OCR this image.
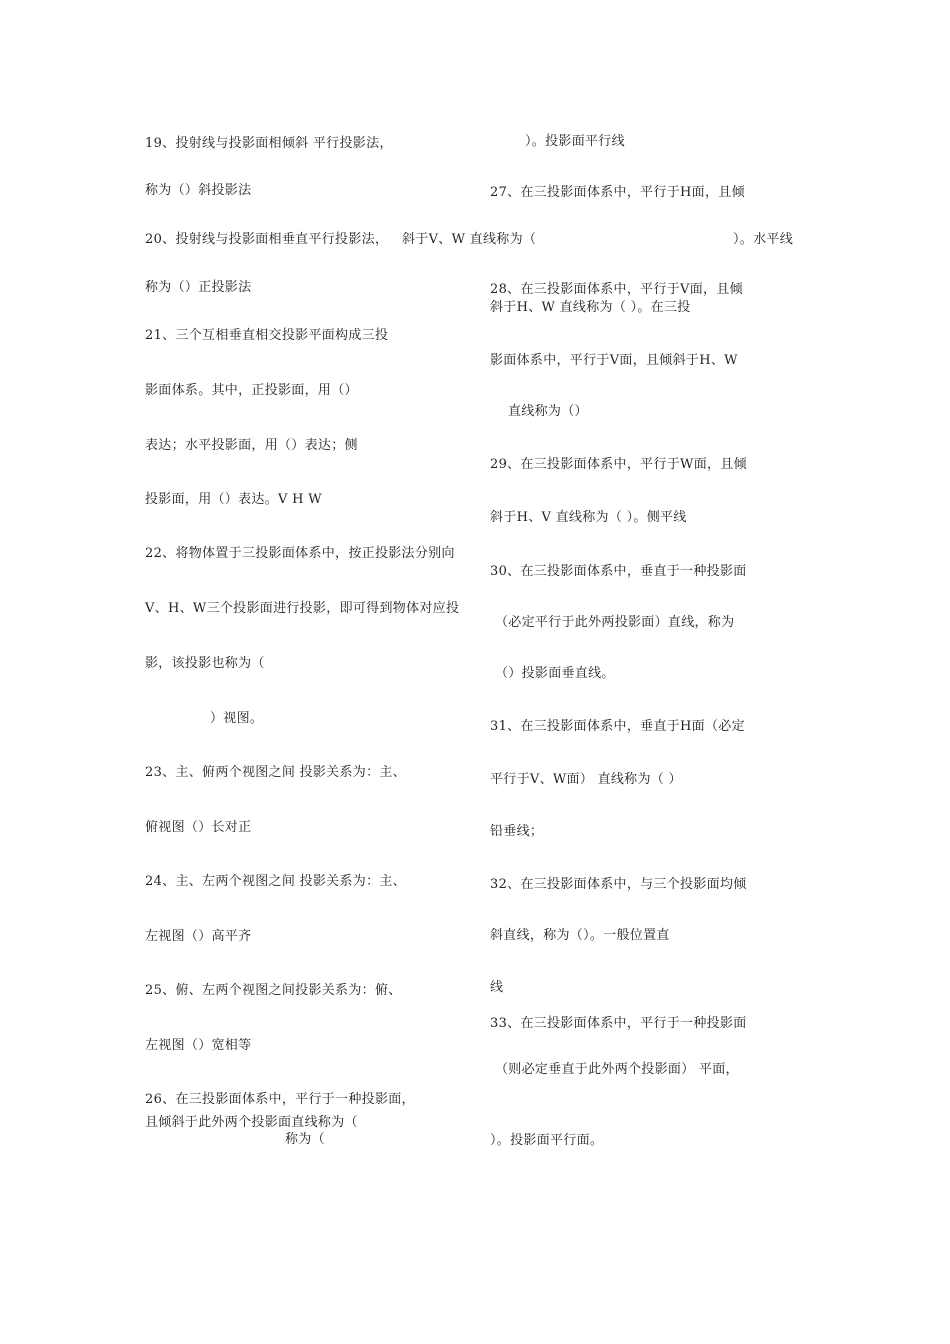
19、投射线与投影面相倾斜 平行投影法，
称为（）斜投影法
20、投射线与投影面相垂直平行投影法，
称为（）正投影法
21、三个互相垂直相交投影平面构成三投
影面体系。其中，正投影面，用（）
表达；水平投影面，用（）表达；侧
投影面，用（）表达。V H W
22、将物体置于三投影面体系中，按正投影法分别向
V、H、W三个投影面进行投影，即可得到物体对应投
影，该投影也称为（
）视图。
23、主、俯两个视图之间 投影关系为：主、
俯视图（）长对正
24、主、左两个视图之间 投影关系为：主、
左视图（）高平齐
25、俯、左两个视图之间投影关系为：俯、
左视图（）宽相等
26、在三投影面体系中，平行于一种投影面，
且倾斜于此外两个投影面直线称为（
称为（
）。投影面平行线
27、在三投影面体系中，平行于H面，且倾
斜于V、W 直线称为（	）。水平线
28、在三投影面体系中，平行于V面，且倾
斜于H、W 直线称为（ ）。在三投
影面体系中，平行于V面，且倾斜于H、W
直线称为（）
29、在三投影面体系中，平行于W面，且倾
斜于H、V 直线称为（ ）。侧平线
30、在三投影面体系中，垂直于一种投影面
（必定平行于此外两投影面）直线，称为
（）投影面垂直线。
31、在三投影面体系中，垂直于H面（必定
平行于V、W面） 直线称为（ ）
铅垂线；
32、在三投影面体系中，与三个投影面均倾
斜直线，称为（）。一般位置直
线
33、在三投影面体系中，平行于一种投影面
（则必定垂直于此外两个投影面） 平面，
）。投影面平行面。
